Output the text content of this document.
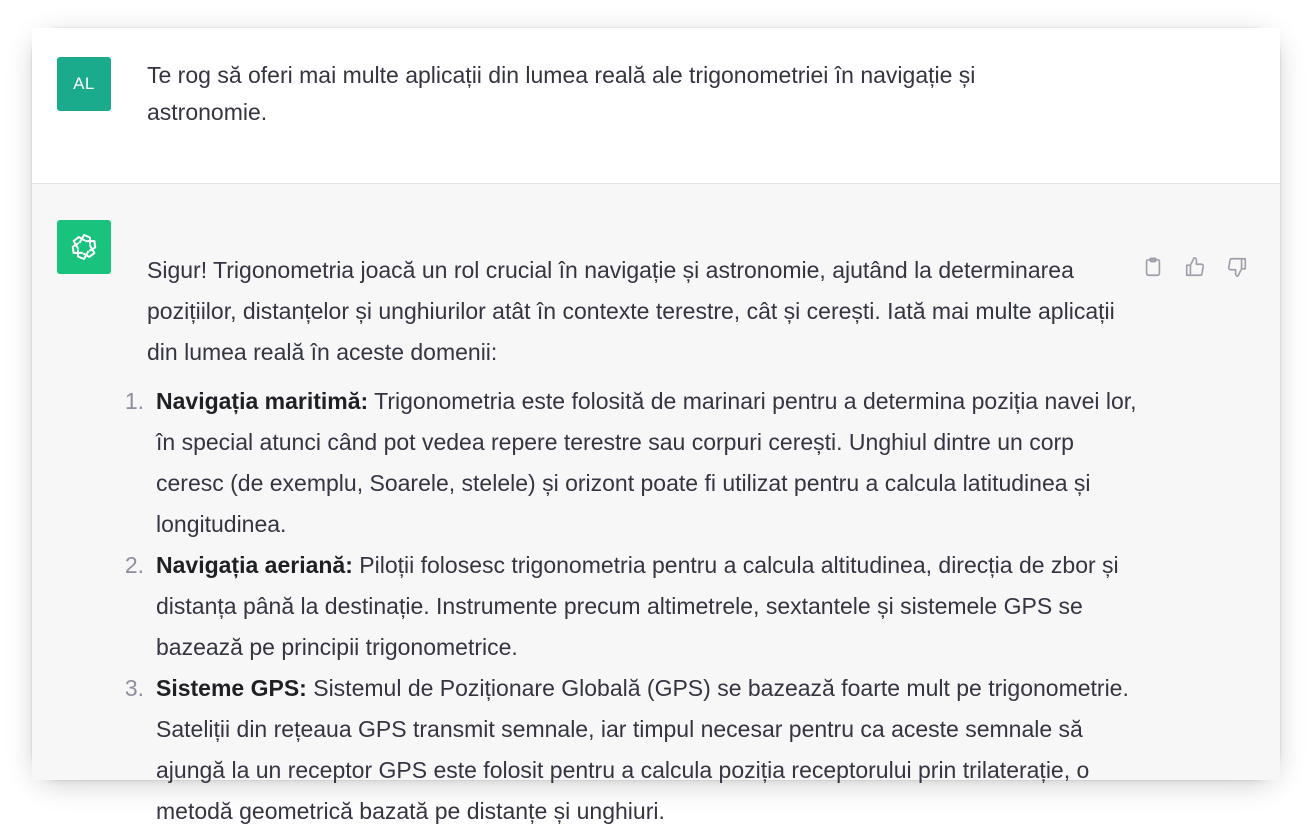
AL Te rog să oferi mai multe aplicații din lumea reală ale trigonometriei în navigație și astronomie.

Sigur! Trigonometria joacă un rol crucial în navigație și astronomie, ajutând la determinarea pozițiilor, distanțelor și unghiurilor atât în contexte terestre, cât și cerești. Iată mai multe aplicații din lumea reală în aceste domenii:

1. Navigația maritimă: Trigonometria este folosită de marinari pentru a determina poziția navei lor, în special atunci când pot vedea repere terestre sau corpuri cerești. Unghiul dintre un corp ceresc (de exemplu, Soarele, stelele) și orizont poate fi utilizat pentru a calcula latitudinea și longitudinea.
2. Navigația aeriană: Piloții folosesc trigonometria pentru a calcula altitudinea, direcția de zbor și distanța până la destinație. Instrumente precum altimetrele, sextantele și sistemele GPS se bazează pe principii trigonometrice.
3. Sisteme GPS: Sistemul de Poziționare Globală (GPS) se bazează foarte mult pe trigonometrie. Sateliții din rețeaua GPS transmit semnale, iar timpul necesar pentru ca aceste semnale să ajungă la un receptor GPS este folosit pentru a calcula poziția receptorului prin trilaterație, o metodă geometrică bazată pe distanțe și unghiuri.
